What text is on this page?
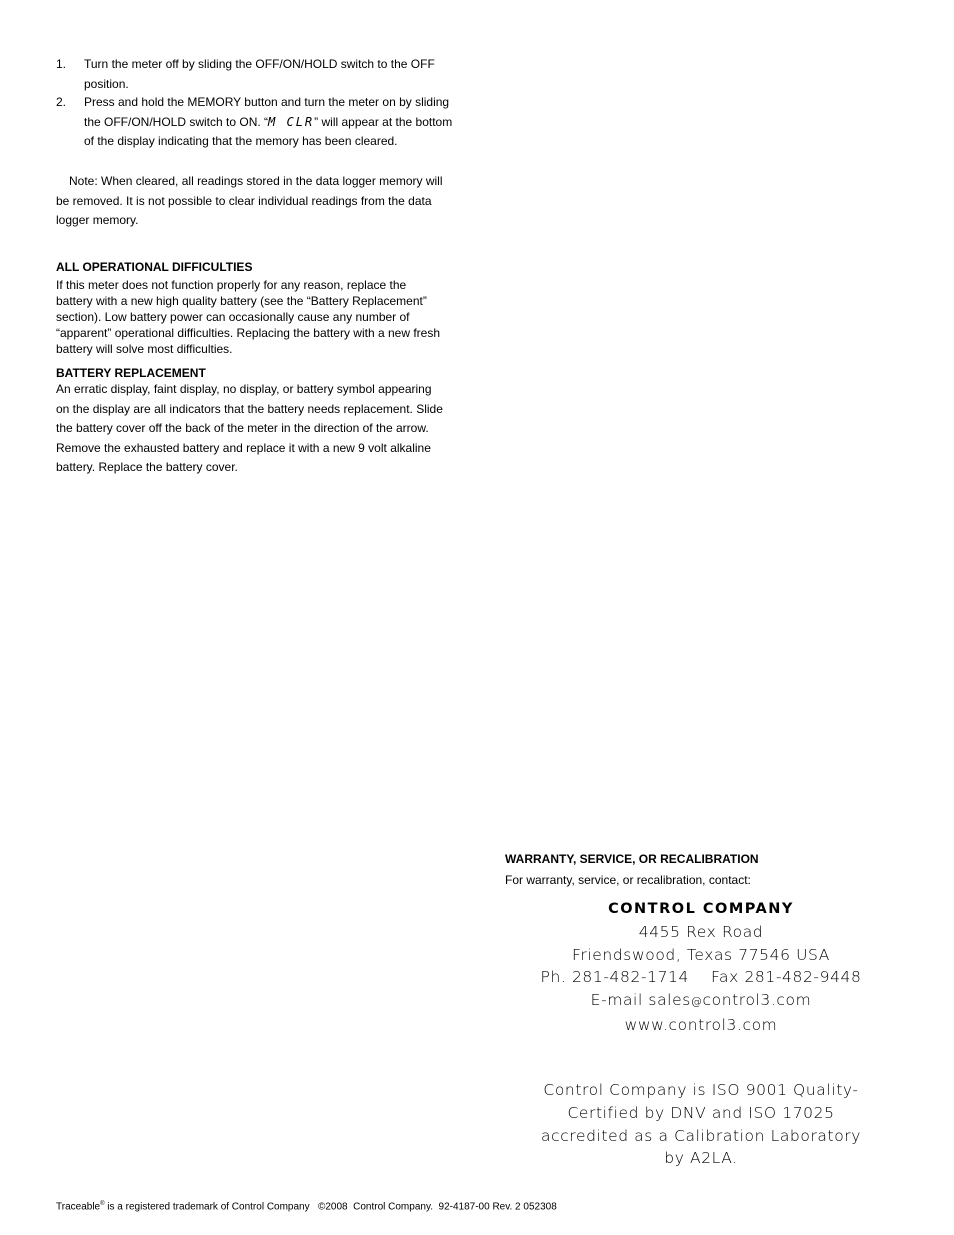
1. Turn the meter off by sliding the OFF/ON/HOLD switch to the OFF position.
2. Press and hold the MEMORY button and turn the meter on by sliding the OFF/ON/HOLD switch to ON. “M CLR” will appear at the bottom of the display indicating that the memory has been cleared.
Note: When cleared, all readings stored in the data logger memory will be removed. It is not possible to clear individual readings from the data logger memory.
ALL OPERATIONAL DIFFICULTIES
If this meter does not function properly for any reason, replace the battery with a new high quality battery (see the “Battery Replacement” section). Low battery power can occasionally cause any number of “apparent” operational difficulties. Replacing the battery with a new fresh battery will solve most difficulties.
BATTERY REPLACEMENT
An erratic display, faint display, no display, or battery symbol appearing on the display are all indicators that the battery needs replacement. Slide the battery cover off the back of the meter in the direction of the arrow. Remove the exhausted battery and replace it with a new 9 volt alkaline battery. Replace the battery cover.
WARRANTY, SERVICE, OR RECALIBRATION
For warranty, service, or recalibration, contact:
CONTROL COMPANY
4455 Rex Road
Friendswood, Texas 77546 USA
Ph. 281-482-1714 Fax 281-482-9448
E-mail sales@control3.com
www.control3.com
Control Company is ISO 9001 Quality-
Certified by DNV and ISO 17025
accredited as a Calibration Laboratory
by A2LA.
Traceable® is a registered trademark of Control Company   ©2008  Control Company.  92-4187-00 Rev. 2 052308
